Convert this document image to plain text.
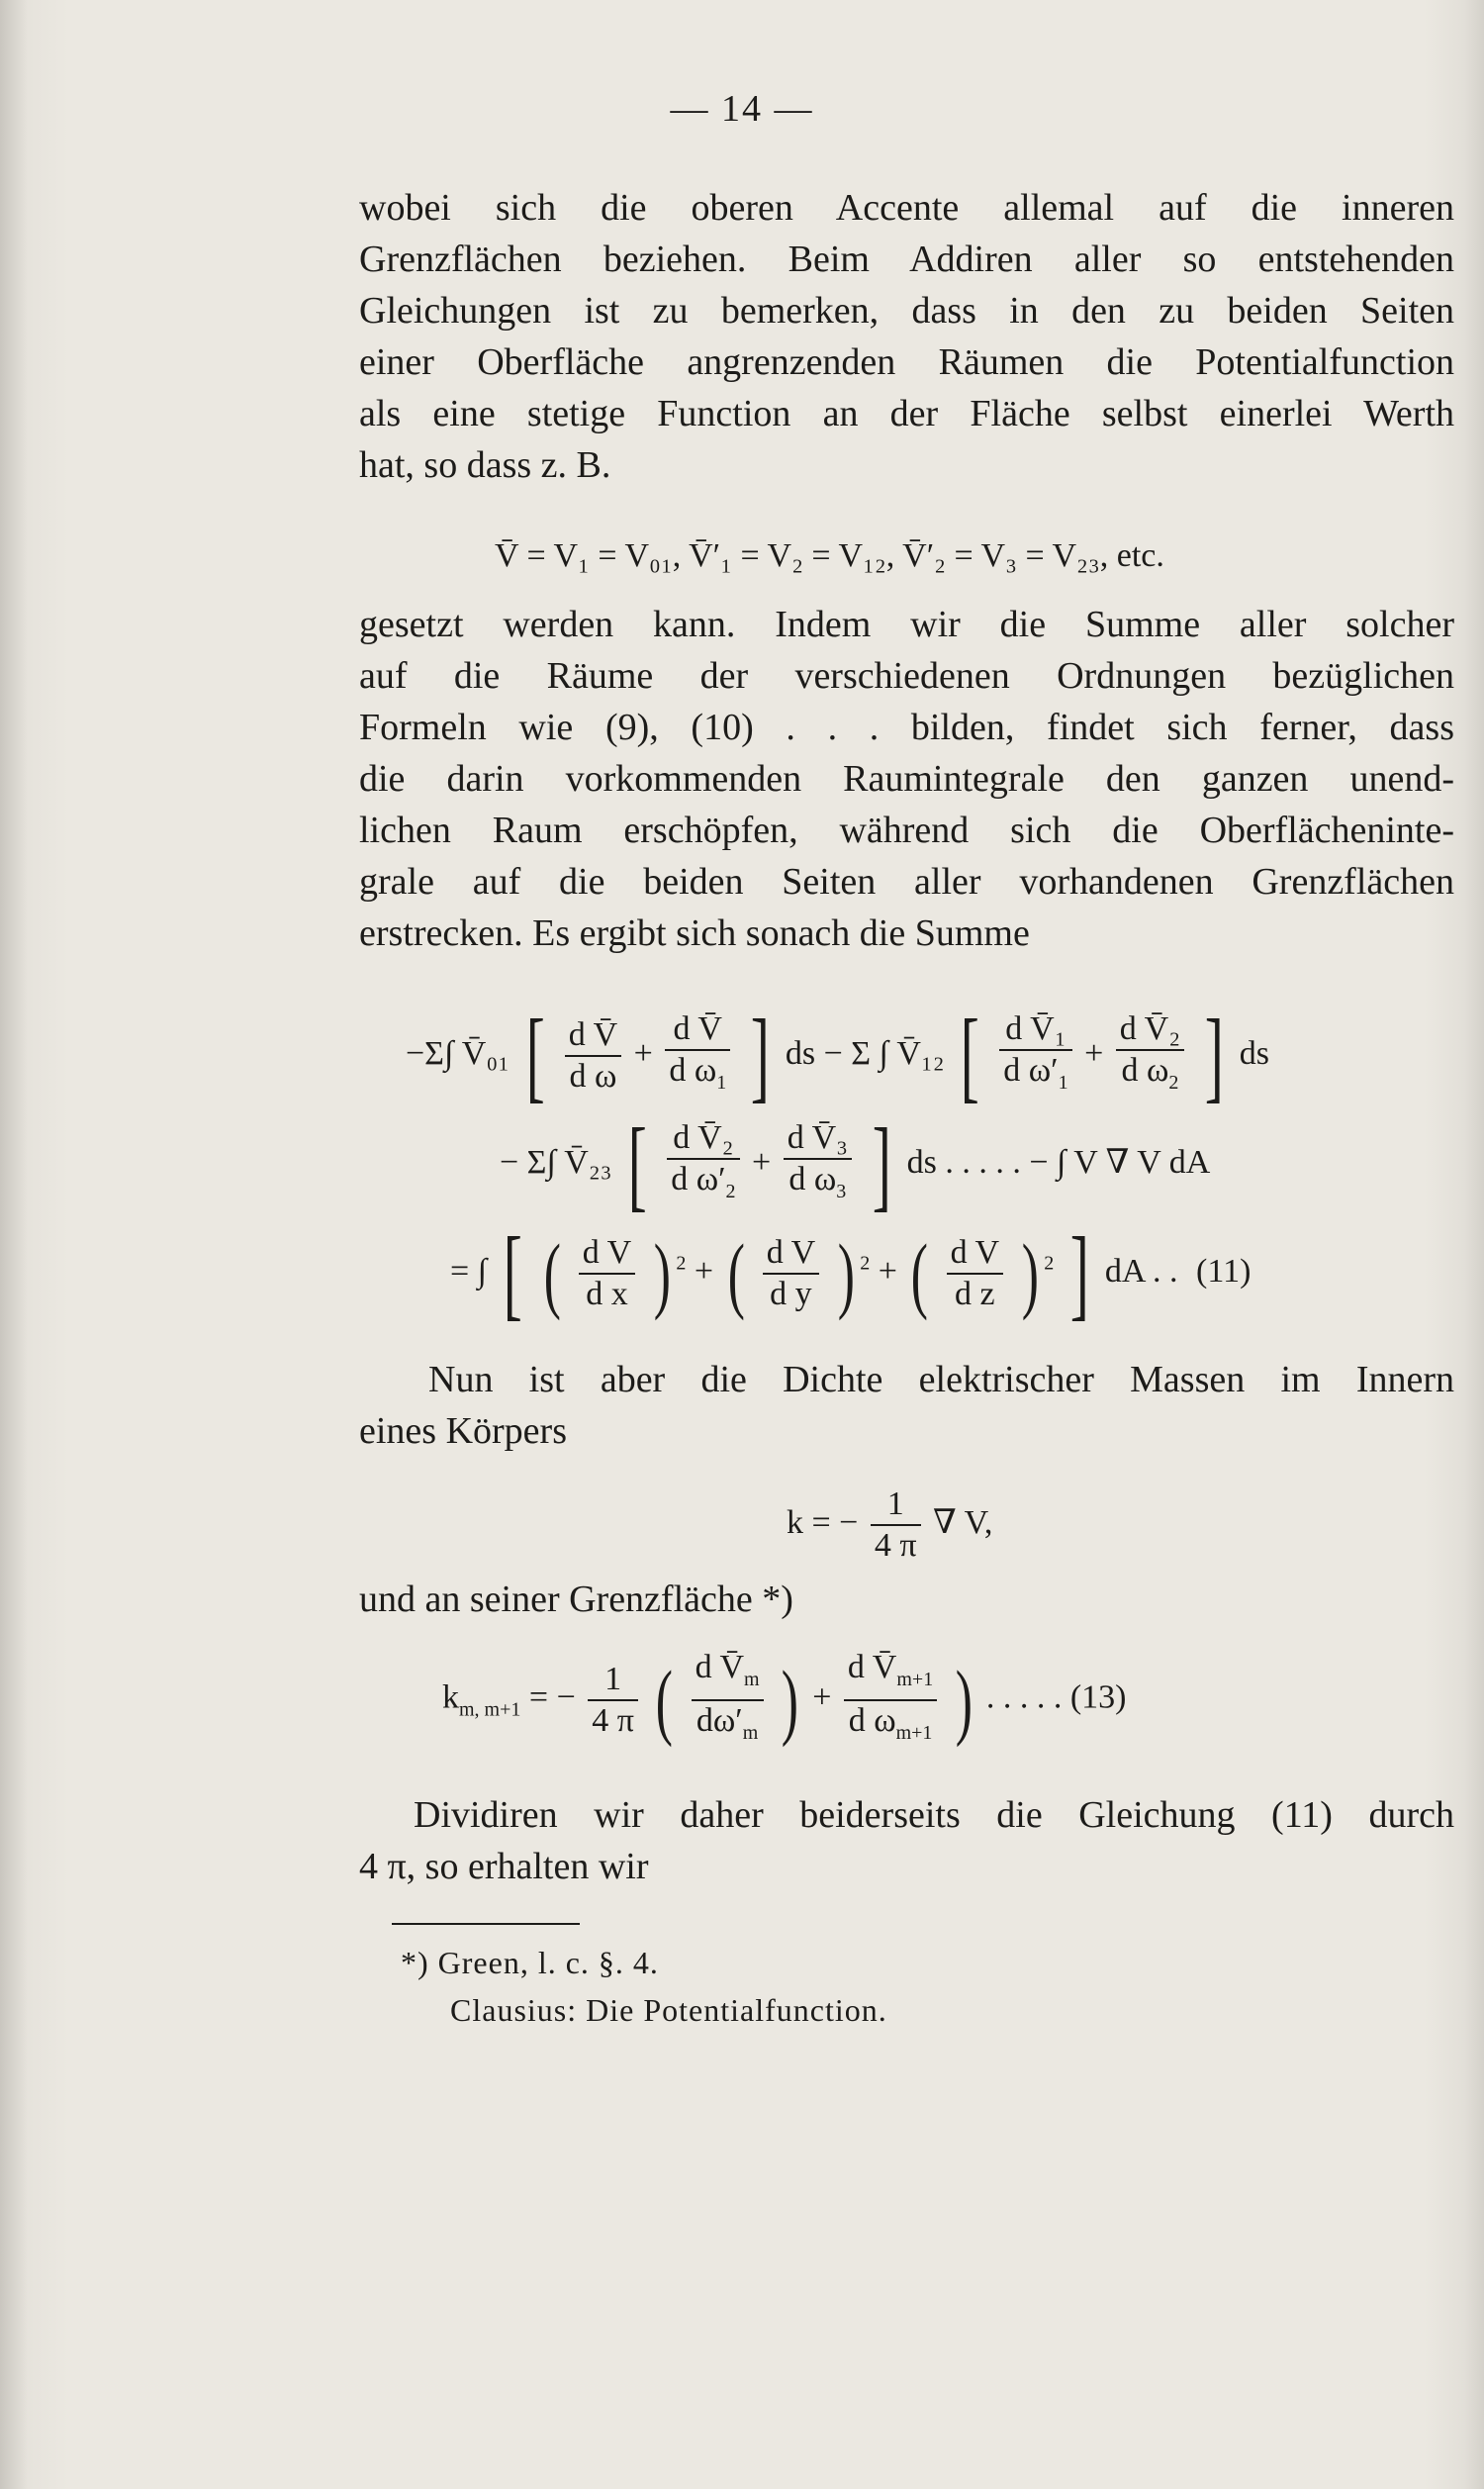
— 14 —
wobei sich die oberen Accente allemal auf die inneren
Grenzflächen beziehen. Beim Addiren aller so entstehenden
Gleichungen ist zu bemerken, dass in den zu beiden Seiten
einer Oberfläche angrenzenden Räumen die Potentialfunction
als eine stetige Function an der Fläche selbst einerlei Werth
hat, so dass z. B.
V̄ = V₁ = V₀₁, V̄′₁ = V₂ = V₁₂, V̄′₂ = V₃ = V₂₃, etc.
gesetzt werden kann. Indem wir die Summe aller solcher
auf die Räume der verschiedenen Ordnungen bezüglichen
Formeln wie (9), (10) . . . bilden, findet sich ferner, dass
die darin vorkommenden Raumintegrale den ganzen unend-
lichen Raum erschöpfen, während sich die Oberflächeninte-
grale auf die beiden Seiten aller vorhandenen Grenzflächen
erstrecken. Es ergibt sich sonach die Summe
−Σ∫ V̄₀₁ [ $\frac{\text{d V̄}}{\text{d ω}} + \frac{\text{d V̄}}{d \omega_1}$ ] ds − Σ ∫ V̄₁₂ [ $\frac{\text{d V̄₁}}{d \omega'_1} + \frac{\text{d V̄₂}}{d \omega_2}$ ] ds
− Σ∫ V̄₂₃ [ $\frac{\text{d V̄₂}}{d \omega'_2} + \frac{\text{d V̄₃}}{d \omega_3}$ ] ds . . . . . − ∫ V ∇ V dA
= ∫ [ ( $\frac{\text{d V}}{\text{d x}}$ ) $^2$ + ( $\frac{\text{d V}}{\text{d y}}$ ) $^2$ + ( $\frac{\text{d V}}{\text{d z}}$ ) $^2$ ] dA . . (11)
Nun ist aber die Dichte elektrischer Massen im Innern
eines Körpers
k = − $\frac{1}{4 \pi}$ ∇ V,
und an seiner Grenzfläche *)
$k_{m, m+1}$ = − $\frac{1}{4 \pi}$ ( $\frac{d V̄_m}{d\omega'_m}$ ) + $\frac{d V̄_{m+1}}{d \omega_{m+1}}$ ) . . . . . (13)
Dividiren wir daher beiderseits die Gleichung (11) durch
4 π, so erhalten wir
*) Green, l. c. §. 4.
Clausius: Die Potentialfunction.
